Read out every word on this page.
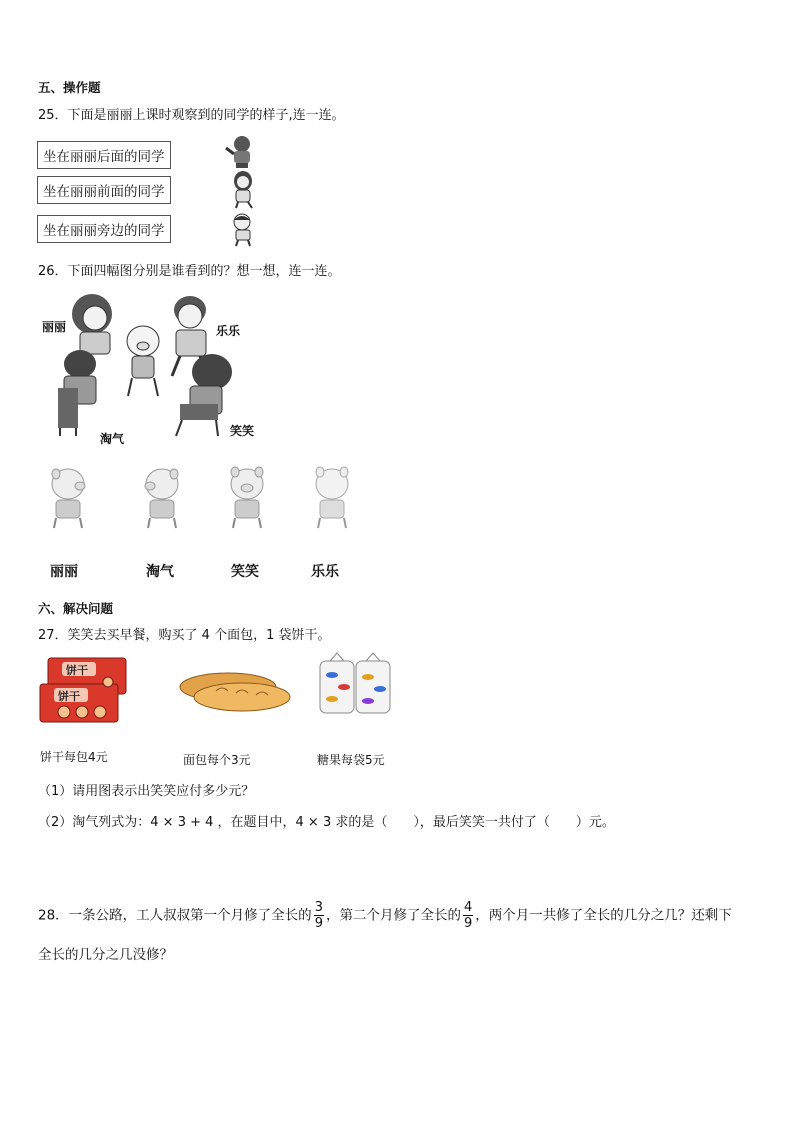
五、操作题
25．下面是丽丽上课时观察到的同学的样子,连一连。
坐在丽丽后面的同学
坐在丽丽前面的同学
坐在丽丽旁边的同学
26．下面四幅图分别是谁看到的？想一想，连一连。
丽丽	乐乐
淘气
笑笑
丽丽	淘气	笑笑	乐乐
六、解决问题
27．笑笑去买早餐，购买了 4 个面包，1 袋饼干。
饼干
饼干
饼干每包4元	面包每个3元	糖果每袋5元
（1）请用图表示出笑笑应付多少元？
（2）淘气列式为：4 × 3 + 4 ，在题目中，4 × 3 求的是（　　），最后笑笑一共付了（　　）元。
28．一条公路，工人叔叔第一个月修了全长的 $\frac{3}{9}$ ，第二个月修了全长的 $\frac{4}{9}$ ，两个月一共修了全长的几分之几？还剩下
全长的几分之几没修？
